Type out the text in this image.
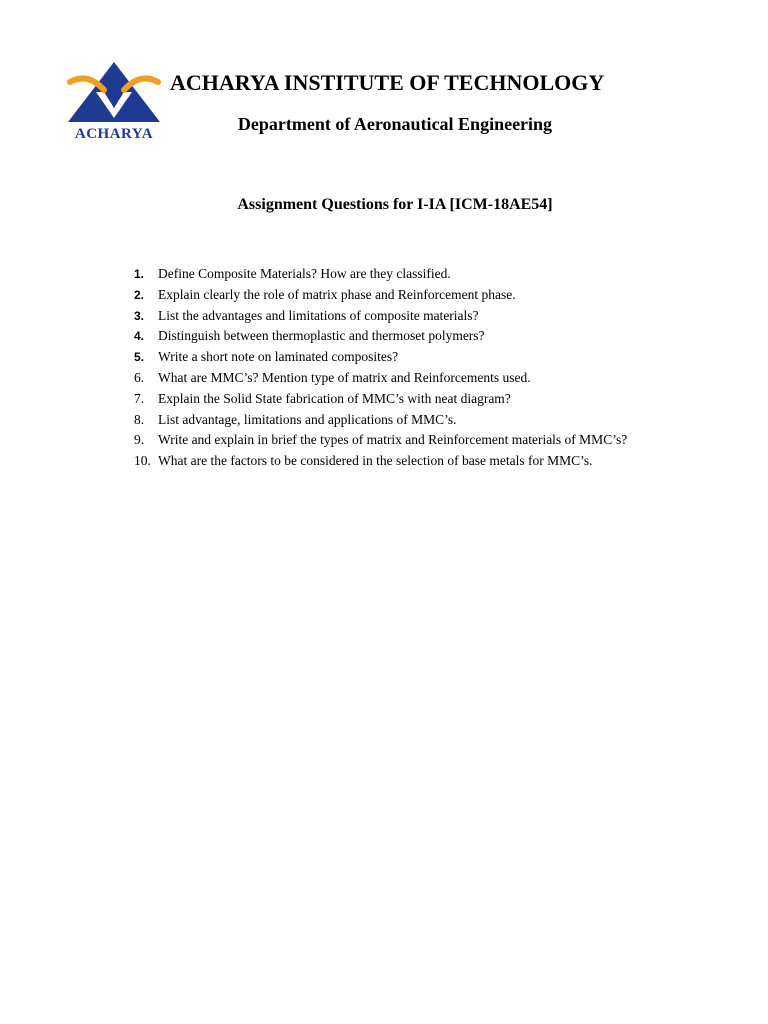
ACHARYA
ACHARYA INSTITUTE OF TECHNOLOGY
Department of Aeronautical Engineering
Assignment Questions for I-IA [ICM-18AE54]
1.	Define Composite Materials? How are they classified.
2.	Explain clearly the role of matrix phase and Reinforcement phase.
3.	List the advantages and limitations of composite materials?
4.	Distinguish between thermoplastic and thermoset polymers?
5.	Write a short note on laminated composites?
6.	What are MMC’s? Mention type of matrix and Reinforcements used.
7.	Explain the Solid State fabrication of MMC’s with neat diagram?
8.	List advantage, limitations and applications of MMC’s.
9.	Write and explain in brief the types of matrix and Reinforcement materials of MMC’s?
10. What are the factors to be considered in the selection of base metals for MMC’s.
